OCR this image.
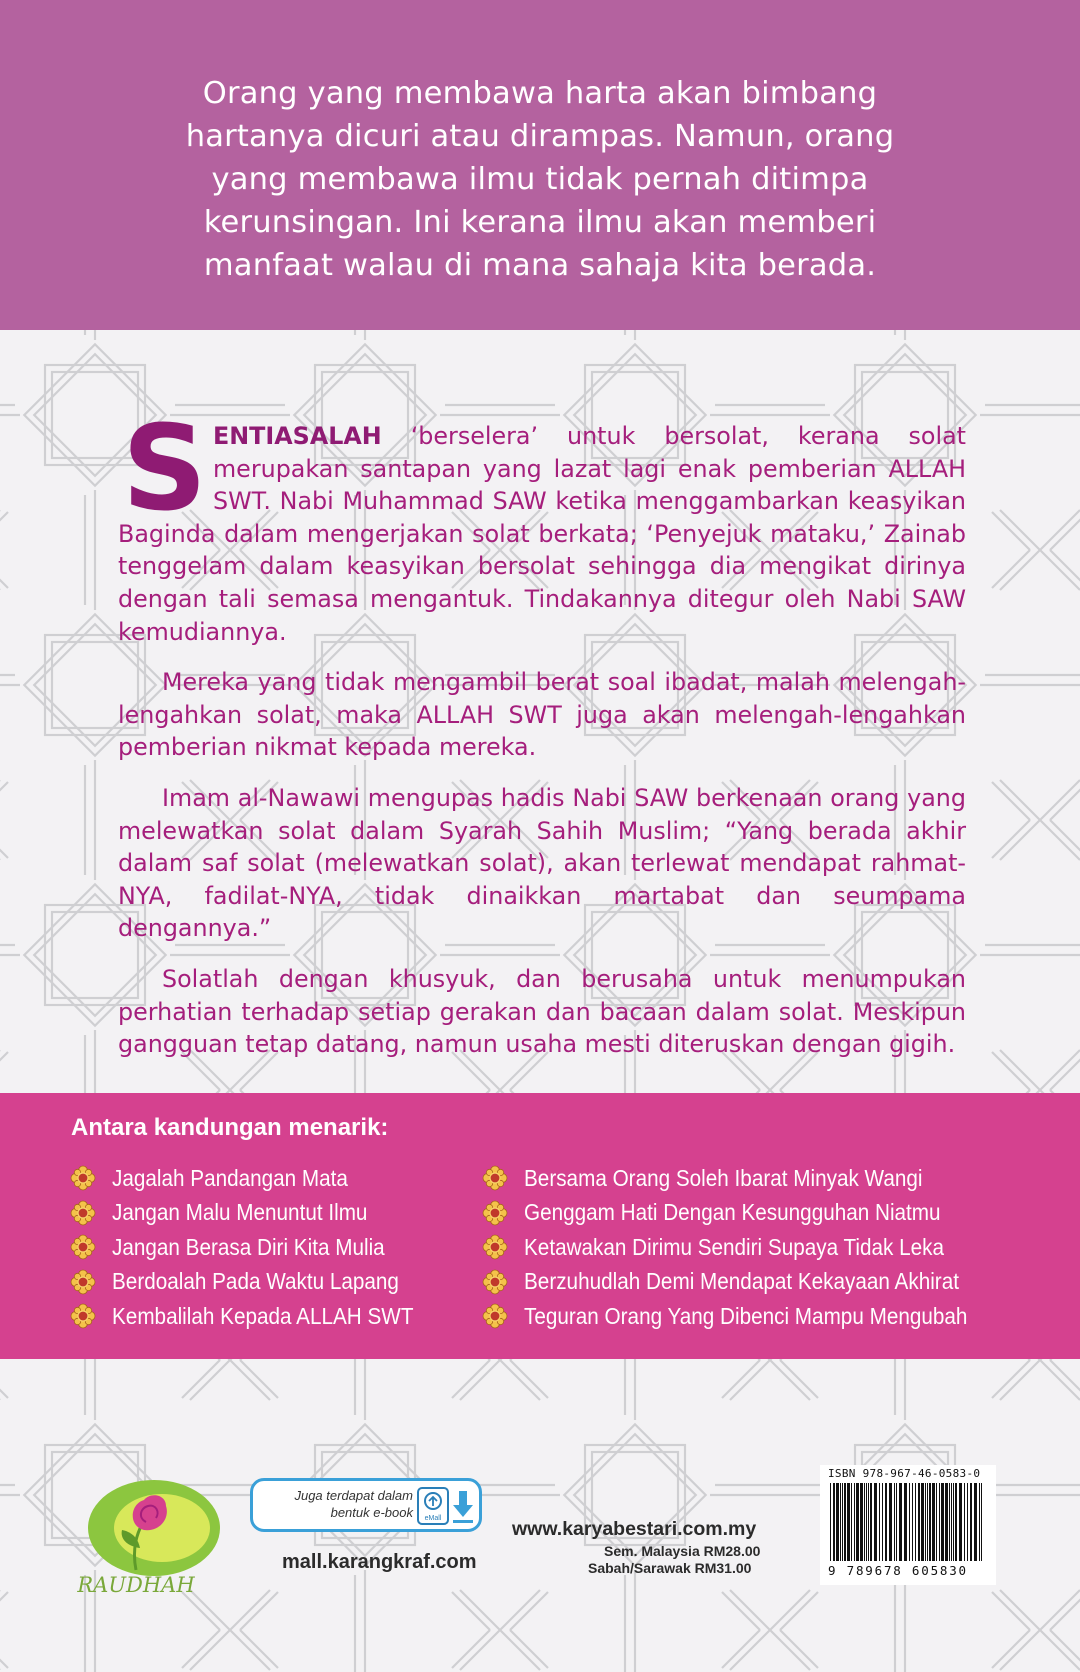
Orang yang membawa harta akan bimbang hartanya dicuri atau dirampas. Namun, orang yang membawa ilmu tidak pernah ditimpa kerunsingan. Ini kerana ilmu akan memberi manfaat walau di mana sahaja kita berada.

SENTIASALAH ‘berselera’ untuk bersolat, kerana solat merupakan santapan yang lazat lagi enak pemberian ALLAH SWT. Nabi Muhammad SAW ketika menggambarkan keasyikan Baginda dalam mengerjakan solat berkata; ‘Penyejuk mataku,’ Zainab tenggelam dalam keasyikan bersolat sehingga dia mengikat dirinya dengan tali semasa mengantuk. Tindakannya ditegur oleh Nabi SAW kemudiannya.

Mereka yang tidak mengambil berat soal ibadat, malah melengah-lengahkan solat, maka ALLAH SWT juga akan melengah-lengahkan pemberian nikmat kepada mereka.

Imam al-Nawawi mengupas hadis Nabi SAW berkenaan orang yang melewatkan solat dalam Syarah Sahih Muslim; “Yang berada akhir dalam saf solat (melewatkan solat), akan terlewat mendapat rahmat-NYA, fadilat-NYA, tidak dinaikkan martabat dan seumpama dengannya.”

Solatlah dengan khusyuk, dan berusaha untuk menumpukan perhatian terhadap setiap gerakan dan bacaan dalam solat. Meskipun gangguan tetap datang, namun usaha mesti diteruskan dengan gigih.

Antara kandungan menarik:
Jagalah Pandangan Mata
Jangan Malu Menuntut Ilmu
Jangan Berasa Diri Kita Mulia
Berdoalah Pada Waktu Lapang
Kembalilah Kepada ALLAH SWT
Bersama Orang Soleh Ibarat Minyak Wangi
Genggam Hati Dengan Kesungguhan Niatmu
Ketawakan Dirimu Sendiri Supaya Tidak Leka
Berzuhudlah Demi Mendapat Kekayaan Akhirat
Teguran Orang Yang Dibenci Mampu Mengubah
RAUDHAH
Juga terdapat dalam
bentuk e-book eMall
mall.karangkraf.com
www.karyabestari.com.my
Sem. Malaysia RM28.00
Sabah/Sarawak RM31.00
ISBN 978-967-46-0583-0
9 789678 605830
